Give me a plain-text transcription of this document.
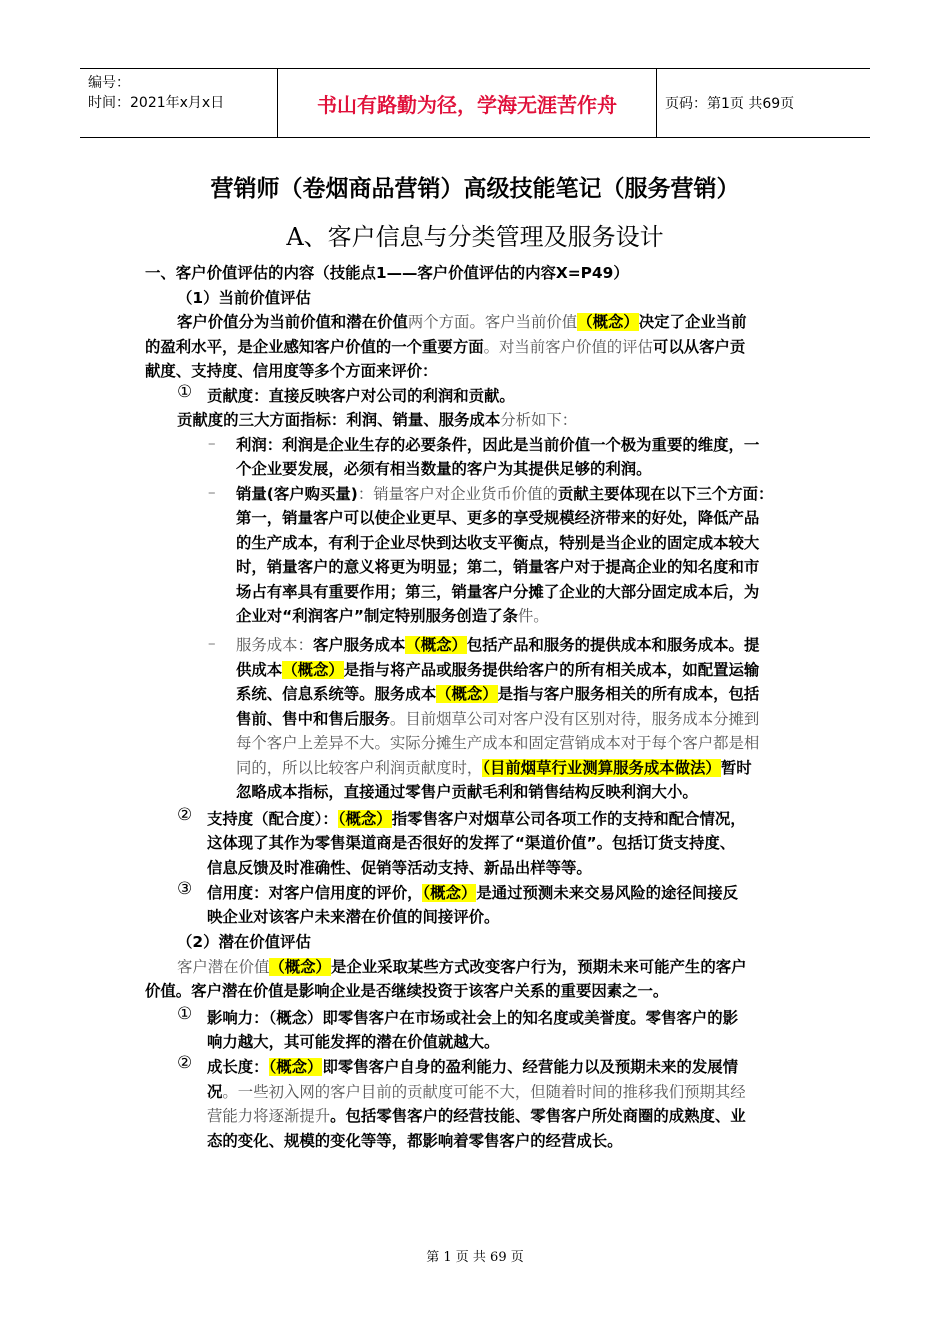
编号：
时间：2021年x月x日	书山有路勤为径，学海无涯苦作舟	页码：第1页 共69页
营销师（卷烟商品营销）高级技能笔记（服务营销）
A、客户信息与分类管理及服务设计
一、客户价值评估的内容（技能点1——客户价值评估的内容X=P49）
（1）当前价值评估
客户价值分为当前价值和潜在价值两个方面。客户当前价值（概念）决定了企业当前
的盈利水平，是企业感知客户价值的一个重要方面。对当前客户价值的评估可以从客户贡
献度、支持度、信用度等多个方面来评价：
① 贡献度：直接反映客户对公司的利润和贡献。
贡献度的三大方面指标：利润、销量、服务成本分析如下：
– 利润：利润是企业生存的必要条件，因此是当前价值一个极为重要的维度，一
个企业要发展，必须有相当数量的客户为其提供足够的利润。
– 销量(客户购买量)：销量客户对企业货币价值的贡献主要体现在以下三个方面：
第一，销量客户可以使企业更早、更多的享受规模经济带来的好处，降低产品
的生产成本，有利于企业尽快到达收支平衡点，特别是当企业的固定成本较大
时，销量客户的意义将更为明显；第二，销量客户对于提高企业的知名度和市
场占有率具有重要作用；第三，销量客户分摊了企业的大部分固定成本后，为
企业对“利润客户”制定特别服务创造了条件。
– 服务成本：客户服务成本（概念）包括产品和服务的提供成本和服务成本。提
供成本（概念）是指与将产品或服务提供给客户的所有相关成本，如配置运输
系统、信息系统等。服务成本（概念）是指与客户服务相关的所有成本，包括
售前、售中和售后服务。目前烟草公司对客户没有区别对待，服务成本分摊到
每个客户上差异不大。实际分摊生产成本和固定营销成本对于每个客户都是相
同的，所以比较客户利润贡献度时，（目前烟草行业测算服务成本做法）暂时
忽略成本指标，直接通过零售户贡献毛利和销售结构反映利润大小。
② 支持度（配合度）：（概念）指零售客户对烟草公司各项工作的支持和配合情况，
这体现了其作为零售渠道商是否很好的发挥了“渠道价值”。包括订货支持度、
信息反馈及时准确性、促销等活动支持、新品出样等等。
③ 信用度：对客户信用度的评价，（概念）是通过预测未来交易风险的途径间接反
映企业对该客户未来潜在价值的间接评价。
（2）潜在价值评估
客户潜在价值（概念）是企业采取某些方式改变客户行为，预期未来可能产生的客户
价值。客户潜在价值是影响企业是否继续投资于该客户关系的重要因素之一。
① 影响力：（概念）即零售客户在市场或社会上的知名度或美誉度。零售客户的影
响力越大，其可能发挥的潜在价值就越大。
② 成长度：（概念）即零售客户自身的盈利能力、经营能力以及预期未来的发展情
况。一些初入网的客户目前的贡献度可能不大，但随着时间的推移我们预期其经
营能力将逐渐提升。包括零售客户的经营技能、零售客户所处商圈的成熟度、业
态的变化、规模的变化等等，都影响着零售客户的经营成长。
第 1 页 共 69 页
